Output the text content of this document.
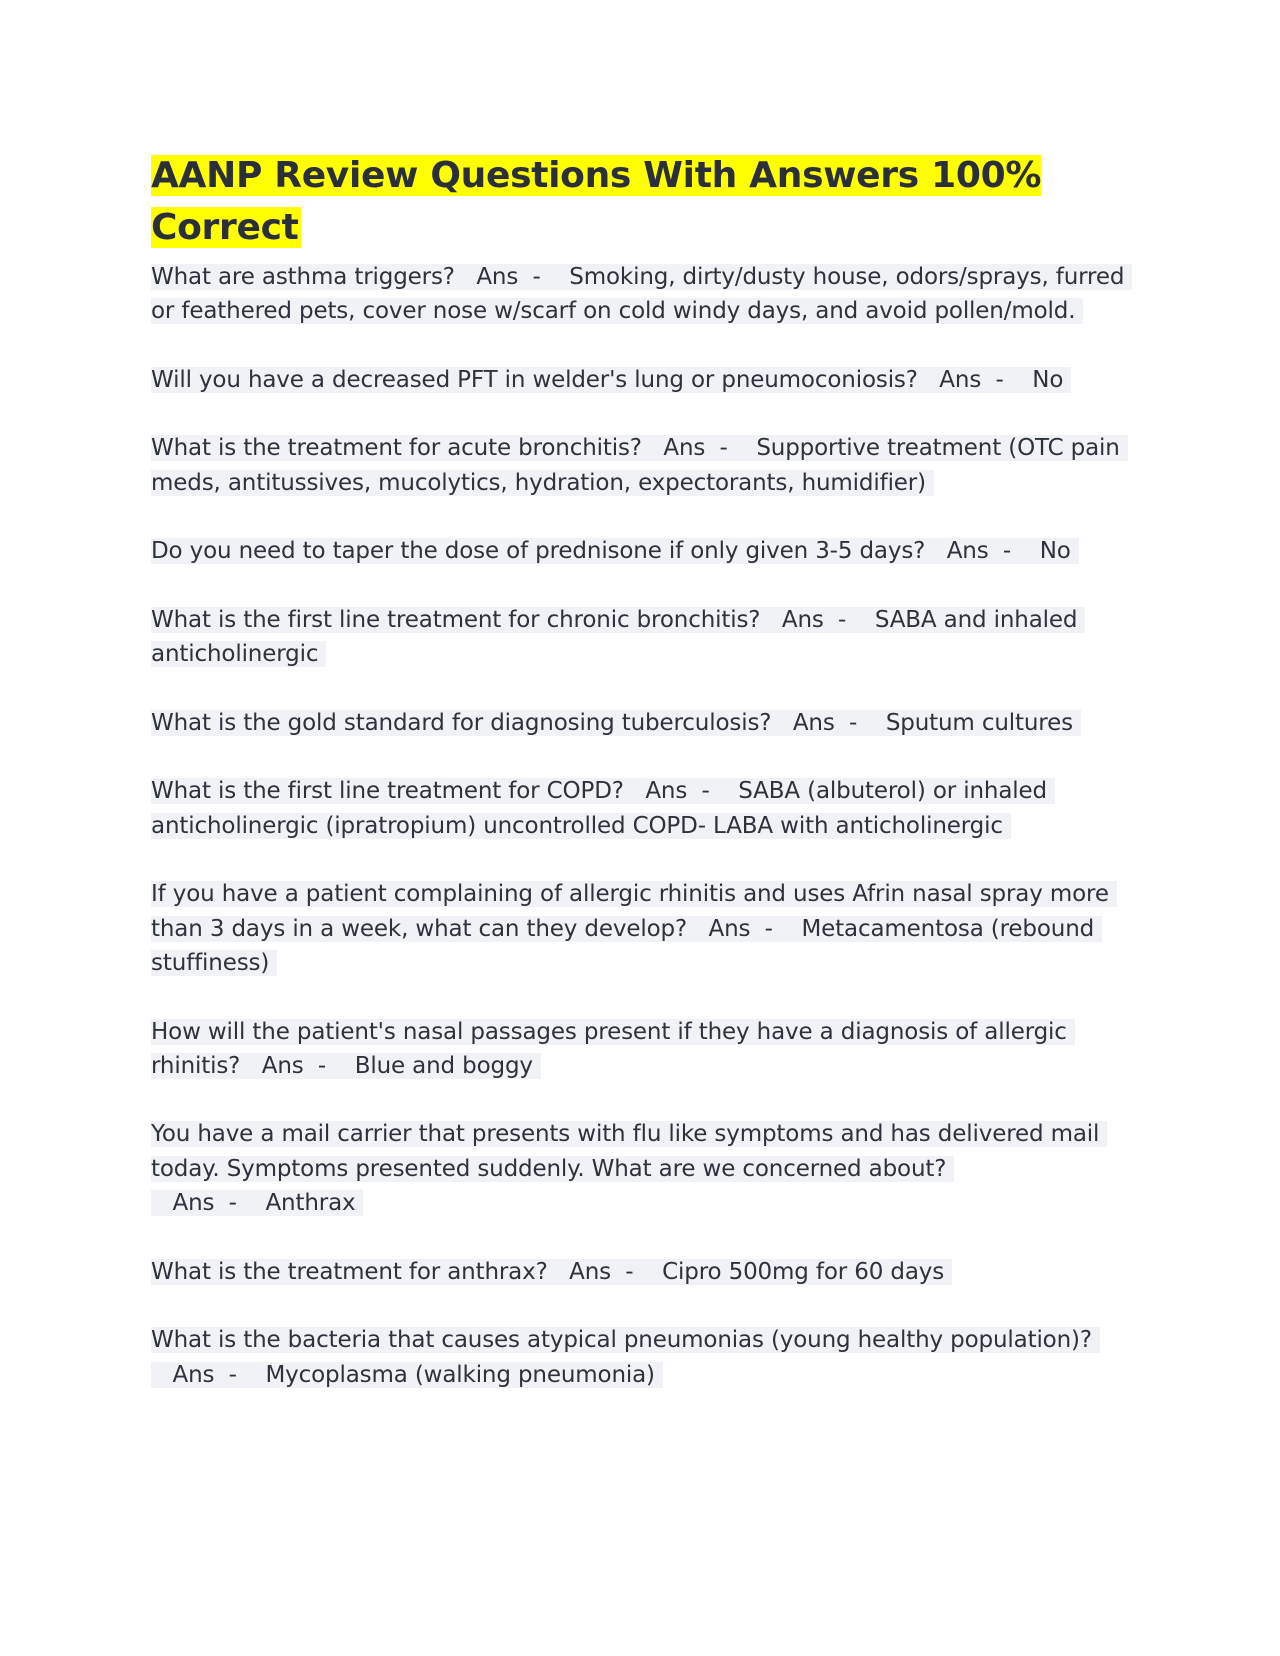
AANP Review Questions With Answers 100% Correct

What are asthma triggers?   Ans  -    Smoking, dirty/dusty house, odors/sprays, furred or feathered pets, cover nose w/scarf on cold windy days, and avoid pollen/mold.

Will you have a decreased PFT in welder's lung or pneumoconiosis?   Ans  -    No

What is the treatment for acute bronchitis?   Ans  -    Supportive treatment (OTC pain meds, antitussives, mucolytics, hydration, expectorants, humidifier)

Do you need to taper the dose of prednisone if only given 3-5 days?   Ans  -    No

What is the first line treatment for chronic bronchitis?   Ans  -    SABA and inhaled anticholinergic

What is the gold standard for diagnosing tuberculosis?   Ans  -    Sputum cultures

What is the first line treatment for COPD?   Ans  -    SABA (albuterol) or inhaled anticholinergic (ipratropium) uncontrolled COPD- LABA with anticholinergic

If you have a patient complaining of allergic rhinitis and uses Afrin nasal spray more than 3 days in a week, what can they develop?   Ans  -    Metacamentosa (rebound stuffiness)

How will the patient's nasal passages present if they have a diagnosis of allergic rhinitis?   Ans  -    Blue and boggy

You have a mail carrier that presents with flu like symptoms and has delivered mail today. Symptoms presented suddenly. What are we concerned about?   Ans  -    Anthrax

What is the treatment for anthrax?   Ans  -    Cipro 500mg for 60 days

What is the bacteria that causes atypical pneumonias (young healthy population)?   Ans  -    Mycoplasma (walking pneumonia)
